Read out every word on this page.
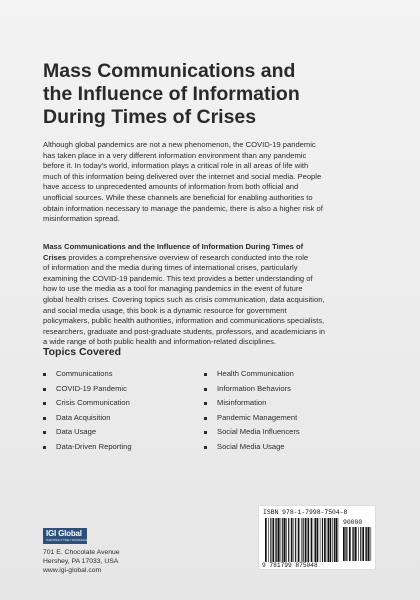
Mass Communications and
the Influence of Information
During Times of Crises
Although global pandemics are not a new phenomenon, the COVID-19 pandemic
has taken place in a very different information environment than any pandemic
before it. In today's world, information plays a critical role in all areas of life with
much of this information being delivered over the internet and social media. People
have access to unprecedented amounts of information from both official and
unofficial sources. While these channels are beneficial for enabling authorities to
obtain information necessary to manage the pandemic, there is also a higher risk of
misinformation spread.
Mass Communications and the Influence of Information During Times of
Crises provides a comprehensive overview of research conducted into the role
of information and the media during times of international crises, particularly
examining the COVID-19 pandemic. This text provides a better understanding of
how to use the media as a tool for managing pandemics in the event of future
global health crises. Covering topics such as crisis communication, data acquisition,
and social media usage, this book is a dynamic resource for government
policymakers, public health authorities, information and communications specialists,
researchers, graduate and post-graduate students, professors, and academicians in
a wide range of both public health and information-related disciplines.
Topics Covered
Communications
COVID-19 Pandemic
Crisis Communication
Data Acquisition
Data Usage
Data-Driven Reporting
Health Communication
Information Behaviors
Misinformation
Pandemic Management
Social Media Influencers
Social Media Usage
IGI Global
PUBLISHER of TIMELY KNOWLEDGE
701 E. Chocolate Avenue
Hershey, PA 17033, USA
www.igi-global.com
ISBN 978-1-7998-7504-8
90000
9 781799 875048
